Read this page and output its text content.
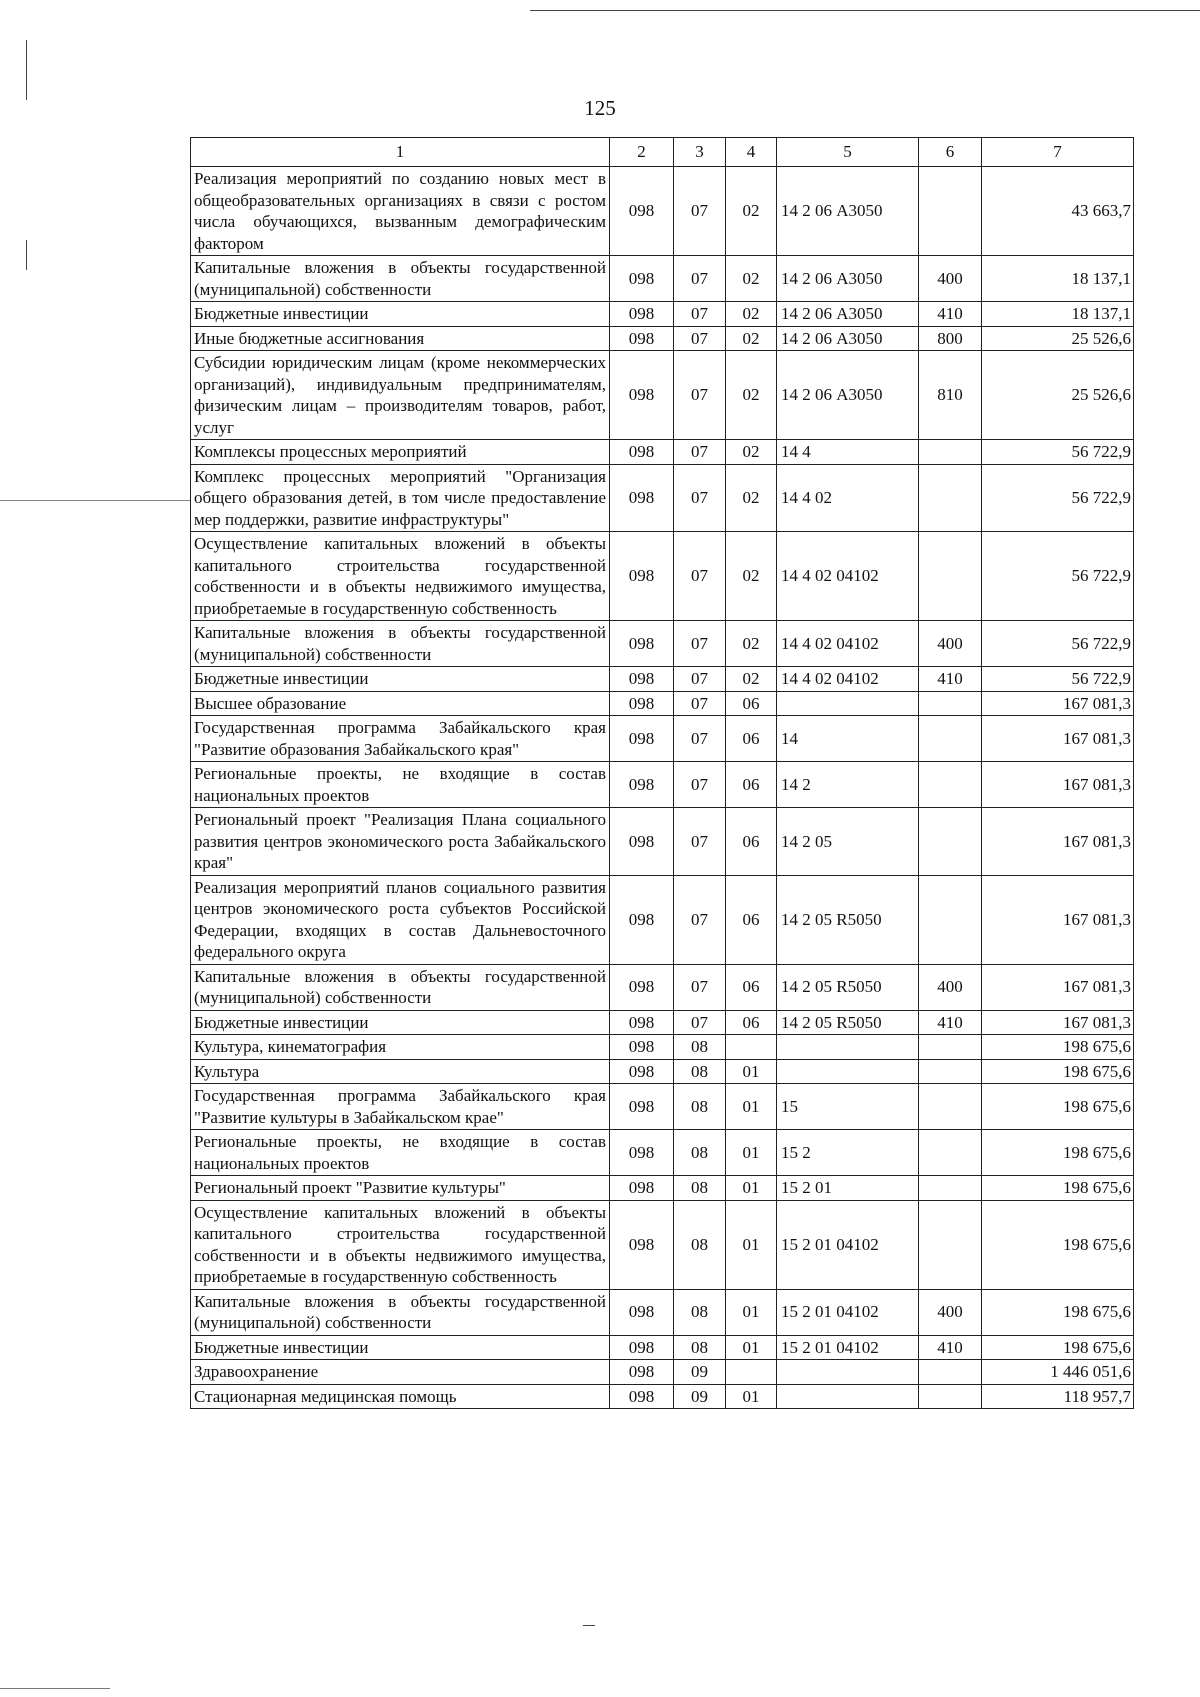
125
1	2	3	4	5	6	7
Реализация мероприятий по созданию новых мест в общеобразовательных организациях в связи с ростом числа обучающихся, вызванным демографическим фактором	098	07	02	14 2 06 А3050		43 663,7
Капитальные вложения в объекты государственной (муниципальной) собственности	098	07	02	14 2 06 А3050	400	18 137,1
Бюджетные инвестиции	098	07	02	14 2 06 А3050	410	18 137,1
Иные бюджетные ассигнования	098	07	02	14 2 06 А3050	800	25 526,6
Субсидии юридическим лицам (кроме некоммерческих организаций), индивидуальным предпринимателям, физическим лицам – производителям товаров, работ, услуг	098	07	02	14 2 06 А3050	810	25 526,6
Комплексы процессных мероприятий	098	07	02	14 4		56 722,9
Комплекс процессных мероприятий "Организация общего образования детей, в том числе предоставление мер поддержки, развитие инфраструктуры"	098	07	02	14 4 02		56 722,9
Осуществление капитальных вложений в объекты капитального строительства государственной собственности и в объекты недвижимого имущества, приобретаемые в государственную собственность	098	07	02	14 4 02 04102		56 722,9
Капитальные вложения в объекты государственной (муниципальной) собственности	098	07	02	14 4 02 04102	400	56 722,9
Бюджетные инвестиции	098	07	02	14 4 02 04102	410	56 722,9
Высшее образование	098	07	06			167 081,3
Государственная программа Забайкальского края "Развитие образования Забайкальского края"	098	07	06	14		167 081,3
Региональные проекты, не входящие в состав национальных проектов	098	07	06	14 2		167 081,3
Региональный проект "Реализация Плана социального развития центров экономического роста Забайкальского края"	098	07	06	14 2 05		167 081,3
Реализация мероприятий планов социального развития центров экономического роста субъектов Российской Федерации, входящих в состав Дальневосточного федерального округа	098	07	06	14 2 05 R5050		167 081,3
Капитальные вложения в объекты государственной (муниципальной) собственности	098	07	06	14 2 05 R5050	400	167 081,3
Бюджетные инвестиции	098	07	06	14 2 05 R5050	410	167 081,3
Культура, кинематография	098	08				198 675,6
Культура	098	08	01			198 675,6
Государственная программа Забайкальского края "Развитие культуры в Забайкальском крае"	098	08	01	15		198 675,6
Региональные проекты, не входящие в состав национальных проектов	098	08	01	15 2		198 675,6
Региональный проект "Развитие культуры"	098	08	01	15 2 01		198 675,6
Осуществление капитальных вложений в объекты капитального строительства государственной собственности и в объекты недвижимого имущества, приобретаемые в государственную собственность	098	08	01	15 2 01 04102		198 675,6
Капитальные вложения в объекты государственной (муниципальной) собственности	098	08	01	15 2 01 04102	400	198 675,6
Бюджетные инвестиции	098	08	01	15 2 01 04102	410	198 675,6
Здравоохранение	098	09				1 446 051,6
Стационарная медицинская помощь	098	09	01			118 957,7
